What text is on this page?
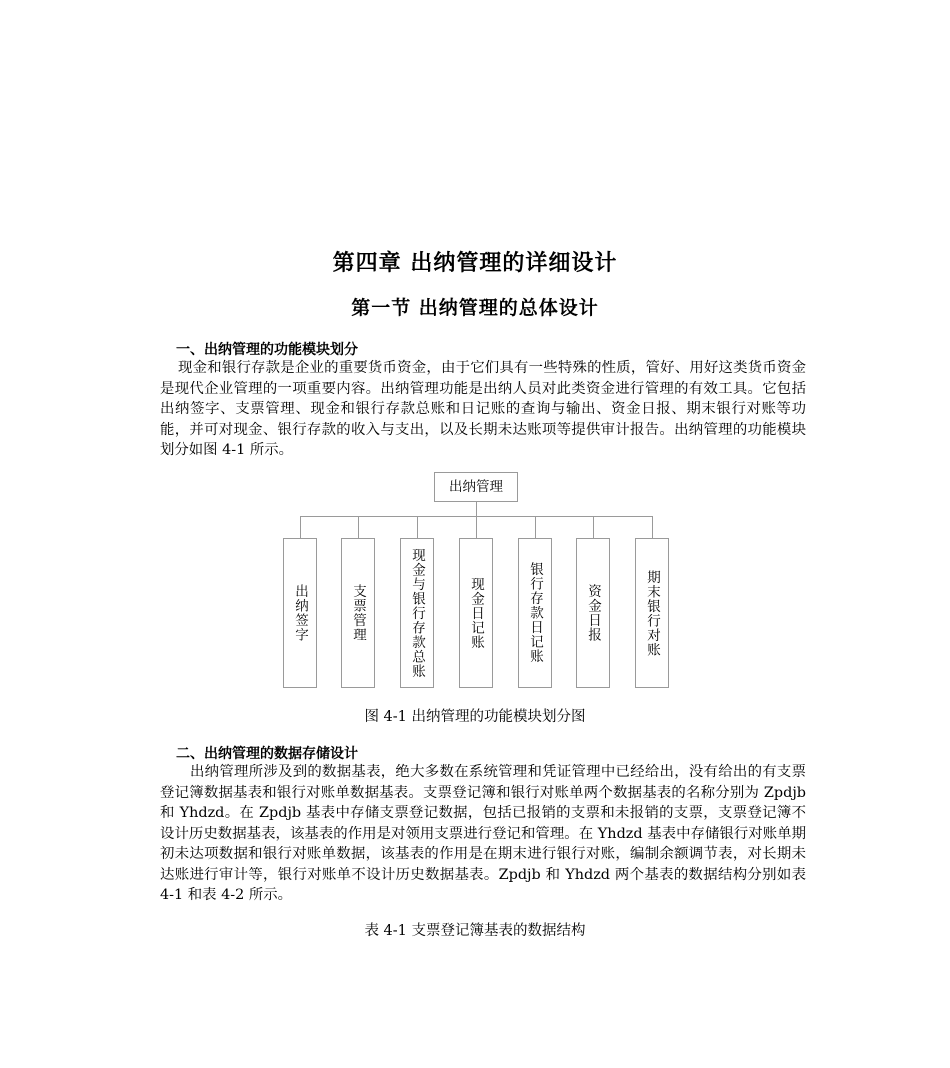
第四章 出纳管理的详细设计
第一节 出纳管理的总体设计
一、出纳管理的功能模块划分

现金和银行存款是企业的重要货币资金，由于它们具有一些特殊的性质，管好、用好这类货币资金是现代企业管理的一项重要内容。出纳管理功能是出纳人员对此类资金进行管理的有效工具。它包括出纳签字、支票管理、现金和银行存款总账和日记账的查询与输出、资金日报、期末银行对账等功能，并可对现金、银行存款的收入与支出，以及长期未达账项等提供审计报告。出纳管理的功能模块划分如图 4-1 所示。

出纳管理
出纳签字	支票管理	现金与银行存款总账	现金日记账	银行存款日记账	资金日报	期末银行对账
图 4-1 出纳管理的功能模块划分图
二、出纳管理的数据存储设计

出纳管理所涉及到的数据基表，绝大多数在系统管理和凭证管理中已经给出，没有给出的有支票登记簿数据基表和银行对账单数据基表。支票登记簿和银行对账单两个数据基表的名称分别为 Zpdjb 和 Yhdzd。在 Zpdjb 基表中存储支票登记数据，包括已报销的支票和未报销的支票，支票登记簿不设计历史数据基表，该基表的作用是对领用支票进行登记和管理。在 Yhdzd 基表中存储银行对账单期初未达项数据和银行对账单数据，该基表的作用是在期末进行银行对账，编制余额调节表，对长期未达账进行审计等，银行对账单不设计历史数据基表。Zpdjb 和 Yhdzd 两个基表的数据结构分别如表 4-1 和表 4-2 所示。

表 4-1 支票登记簿基表的数据结构
